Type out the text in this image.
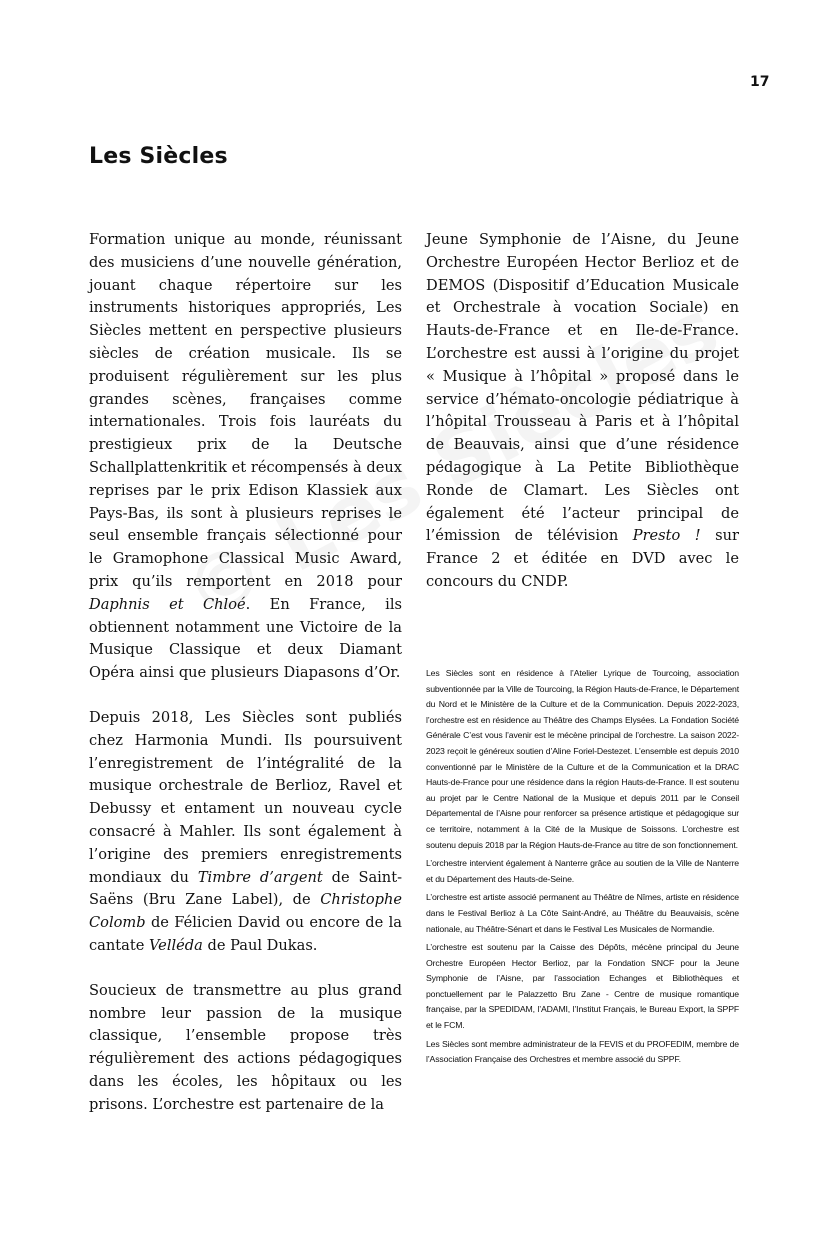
17
Les Siècles

Formation unique au monde, réunissant des musiciens d’une nouvelle génération, jouant chaque répertoire sur les instruments historiques appropriés, Les Siècles mettent en perspective plusieurs siècles de création musicale. Ils se produisent régulièrement sur les plus grandes scènes, françaises comme internationales. Trois fois lauréats du prestigieux prix de la Deutsche Schallplattenkritik et récompensés à deux reprises par le prix Edison Klassiek aux Pays-Bas, ils sont à plusieurs reprises le seul ensemble français sélectionné pour le Gramophone Classical Music Award, prix qu’ils remportent en 2018 pour Daphnis et Chloé. En France, ils obtiennent notamment une Victoire de la Musique Classique et deux Diamant Opéra ainsi que plusieurs Diapasons d’Or.

Depuis 2018, Les Siècles sont publiés chez Harmonia Mundi. Ils poursuivent l’enregistrement de l’intégralité de la musique orchestrale de Berlioz, Ravel et Debussy et entament un nouveau cycle consacré à Mahler. Ils sont également à l’origine des premiers enregistrements mondiaux du Timbre d’argent de Saint-Saëns (Bru Zane Label), de Christophe Colomb de Félicien David ou encore de la cantate Velléda de Paul Dukas.

Soucieux de transmettre au plus grand nombre leur passion de la musique classique, l’ensemble propose très régulièrement des actions pédagogiques dans les écoles, les hôpitaux ou les prisons. L’orchestre est partenaire de la

Jeune Symphonie de l’Aisne, du Jeune Orchestre Européen Hector Berlioz et de DEMOS (Dispositif d’Education Musicale et Orchestrale à vocation Sociale) en Hauts-de-France et en Ile-de-France. L’orchestre est aussi à l’origine du projet « Musique à l’hôpital » proposé dans le service d’hémato-oncologie pédiatrique à l’hôpital Trousseau à Paris et à l’hôpital de Beauvais, ainsi que d’une résidence pédagogique à La Petite Bibliothèque Ronde de Clamart. Les Siècles ont également été l’acteur principal de l’émission de télévision Presto ! sur France 2 et éditée en DVD avec le concours du CNDP.

Les Siècles sont en résidence à l’Atelier Lyrique de Tourcoing, association subventionnée par la Ville de Tourcoing, la Région Hauts-de-France, le Département du Nord et le Ministère de la Culture et de la Communication. Depuis 2022-2023, l’orchestre est en résidence au Théâtre des Champs Elysées. La Fondation Société Générale C’est vous l’avenir est le mécène principal de l’orchestre. La saison 2022-2023 reçoit le généreux soutien d’Aline Foriel-Destezet. L’ensemble est depuis 2010 conventionné par le Ministère de la Culture et de la Communication et la DRAC Hauts-de-France pour une résidence dans la région Hauts-de-France. Il est soutenu au projet par le Centre National de la Musique et depuis 2011 par le Conseil Départemental de l’Aisne pour renforcer sa présence artistique et pédagogique sur ce territoire, notamment à la Cité de la Musique de Soissons. L’orchestre est soutenu depuis 2018 par la Région Hauts-de-France au titre de son fonctionnement.

L’orchestre intervient également à Nanterre grâce au soutien de la Ville de Nanterre et du Département des Hauts-de-Seine.

L’orchestre est artiste associé permanent au Théâtre de Nîmes, artiste en résidence dans le Festival Berlioz à La Côte Saint-André, au Théâtre du Beauvaisis, scène nationale, au Théâtre-Sénart et dans le Festival Les Musicales de Normandie.

L’orchestre est soutenu par la Caisse des Dépôts, mécène principal du Jeune Orchestre Européen Hector Berlioz, par la Fondation SNCF pour la Jeune Symphonie de l’Aisne, par l’association Echanges et Bibliothèques et ponctuellement par le Palazzetto Bru Zane - Centre de musique romantique française, par la SPEDIDAM, l’ADAMI, l’Institut Français, le Bureau Export, la SPPF et le FCM.

Les Siècles sont membre administrateur de la FEVIS et du PROFEDIM, membre de l’Association Française des Orchestres et membre associé du SPPF.
